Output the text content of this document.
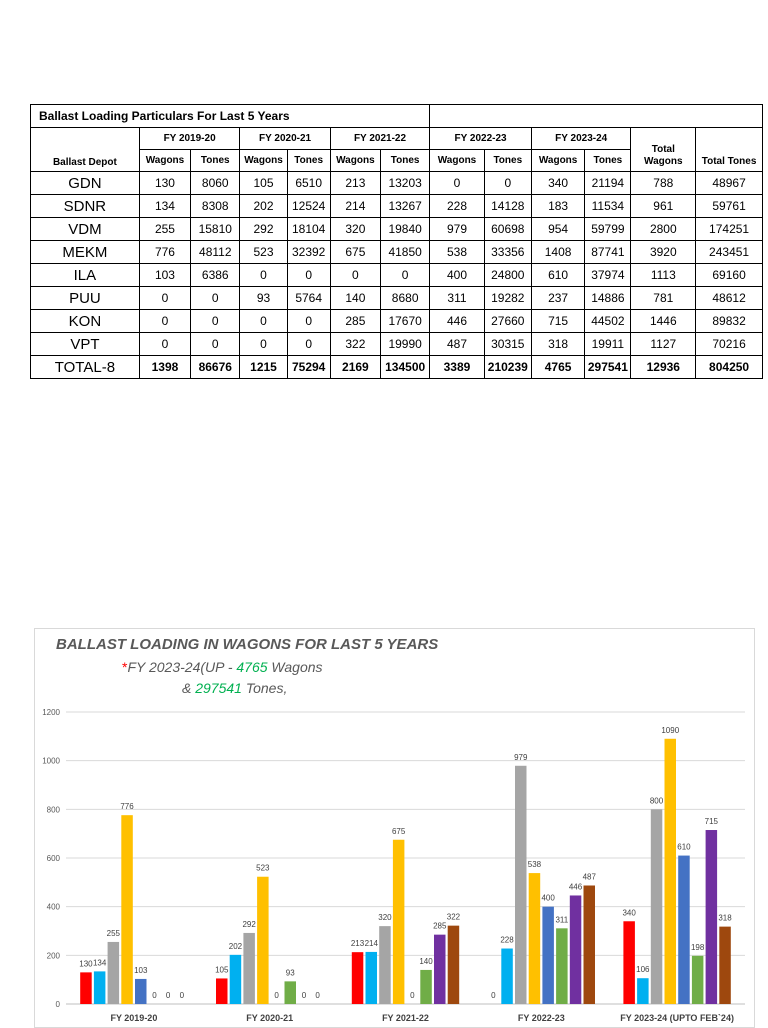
Ballast Loading Particulars For Last 5 Years												
Ballast Depot	FY 2019-20		FY 2020-21		FY 2021-22		FY 2022-23		FY 2023-24		Total Wagons	Total Tones
	Wagons	Tones	Wagons	Tones	Wagons	Tones	Wagons	Tones	Wagons	Tones		
GDN	130	8060	105	6510	213	13203	0	0	340	21194	788	48967
SDNR	134	8308	202	12524	214	13267	228	14128	183	11534	961	59761
VDM	255	15810	292	18104	320	19840	979	60698	954	59799	2800	174251
MEKM	776	48112	523	32392	675	41850	538	33356	1408	87741	3920	243451
ILA	103	6386	0	0	0	0	400	24800	610	37974	1113	69160
PUU	0	0	93	5764	140	8680	311	19282	237	14886	781	48612
KON	0	0	0	0	285	17670	446	27660	715	44502	1446	89832
VPT	0	0	0	0	322	19990	487	30315	318	19911	1127	70216
TOTAL-8	1398	86676	1215	75294	2169	134500	3389	210239	4765	297541	12936	804250
BALLAST LOADING IN WAGONS FOR LAST 5 YEARS
*FY 2023-24(UP - 4765 Wagons
& 297541 Tones,
0
200
400
600
800
1000
1200
130 134
255
776
103
0 0 0
FY 2019-20
105
202
292
523
0
93
0 0
FY 2020-21
213 214
320
675
0
140
285
322
FY 2021-22
0
228
979
538
400
311
446
487
FY 2022-23
340
106
800
1090
610
198
715
318
FY 2023-24 (UPTO FEB`24)
